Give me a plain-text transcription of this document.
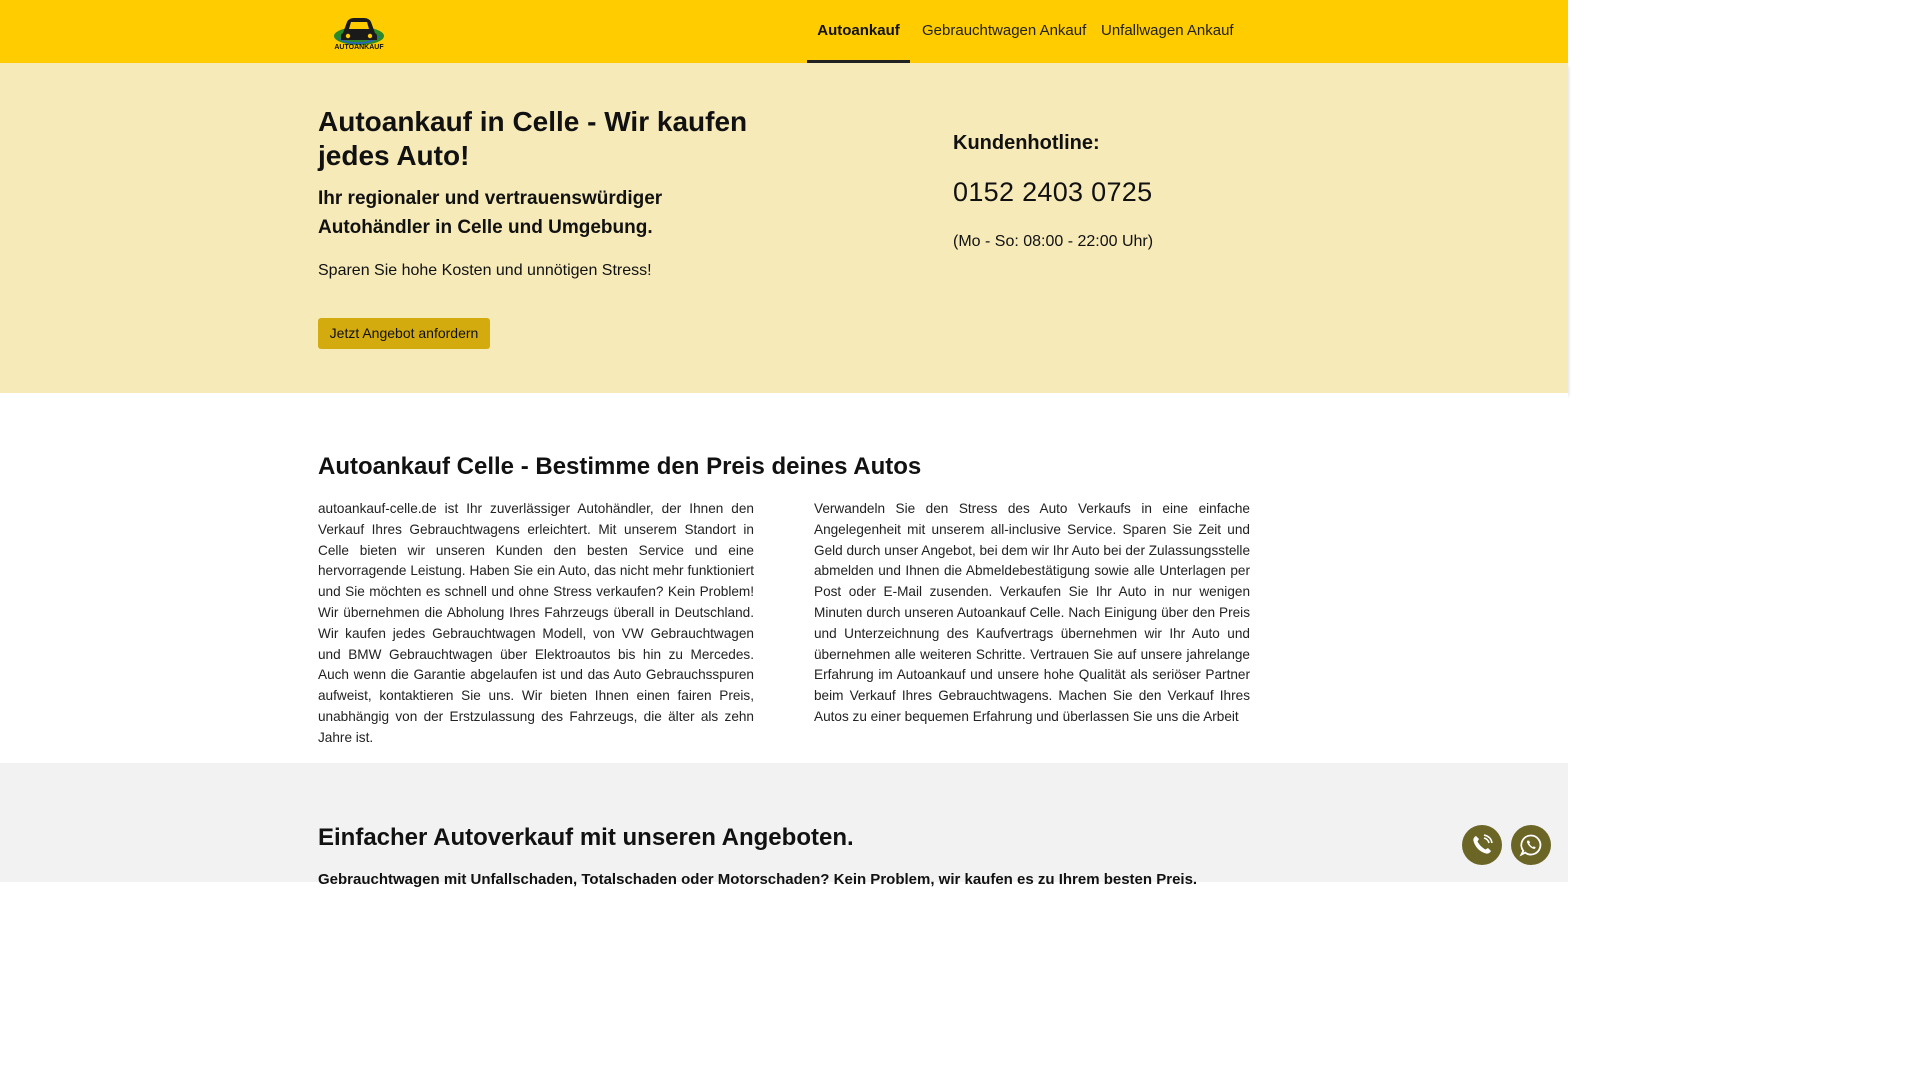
AUTOANKAUF
Autoankauf	Gebrauchtwagen Ankauf Unfallwagen Ankauf
Autoankauf in Celle - Wir kaufen jedes Auto!
Ihr regionaler und vertrauenswürdiger Autohändler in Celle und Umgebung.

Sparen Sie hohe Kosten und unnötigen Stress!

Jetzt Angebot anfordern
Kundenhotline:
0152 2403 0725

(Mo - So: 08:00 - 22:00 Uhr)

Autoankauf Celle - Bestimme den Preis deines Autos

autoankauf-celle.de ist Ihr zuverlässiger Autohändler, der Ihnen den Verkauf Ihres Gebrauchtwagens erleichtert. Mit unserem Standort in Celle bieten wir unseren Kunden den besten Service und eine hervorragende Leistung. Haben Sie ein Auto, das nicht mehr funktioniert und Sie möchten es schnell und ohne Stress verkaufen? Kein Problem! Wir übernehmen die Abholung Ihres Fahrzeugs überall in Deutschland. Wir kaufen jedes Gebrauchtwagen Modell, von VW Gebrauchtwagen und BMW Gebrauchtwagen über Elektroautos bis hin zu Mercedes. Auch wenn die Garantie abgelaufen ist und das Auto Gebrauchsspuren aufweist, kontaktieren Sie uns. Wir bieten Ihnen einen fairen Preis, unabhängig von der Erstzulassung des Fahrzeugs, die älter als zehn Jahre ist.

Verwandeln Sie den Stress des Auto Verkaufs in eine einfache Angelegenheit mit unserem all-inclusive Service. Sparen Sie Zeit und Geld durch unser Angebot, bei dem wir Ihr Auto bei der Zulassungsstelle abmelden und Ihnen die Abmeldebestätigung sowie alle Unterlagen per Post oder E-Mail zusenden. Verkaufen Sie Ihr Auto in nur wenigen Minuten durch unseren Autoankauf Celle. Nach Einigung über den Preis und Unterzeichnung des Kaufvertrags übernehmen wir Ihr Auto und übernehmen alle weiteren Schritte. Vertrauen Sie auf unsere jahrelange Erfahrung im Autoankauf und unsere hohe Qualität als seriöser Partner beim Verkauf Ihres Gebrauchtwagens. Machen Sie den Verkauf Ihres Autos zu einer bequemen Erfahrung und überlassen Sie uns die Arbeit

Einfacher Autoverkauf mit unseren Angeboten.

Gebrauchtwagen mit Unfallschaden, Totalschaden oder Motorschaden? Kein Problem, wir kaufen es zu Ihrem besten Preis.
